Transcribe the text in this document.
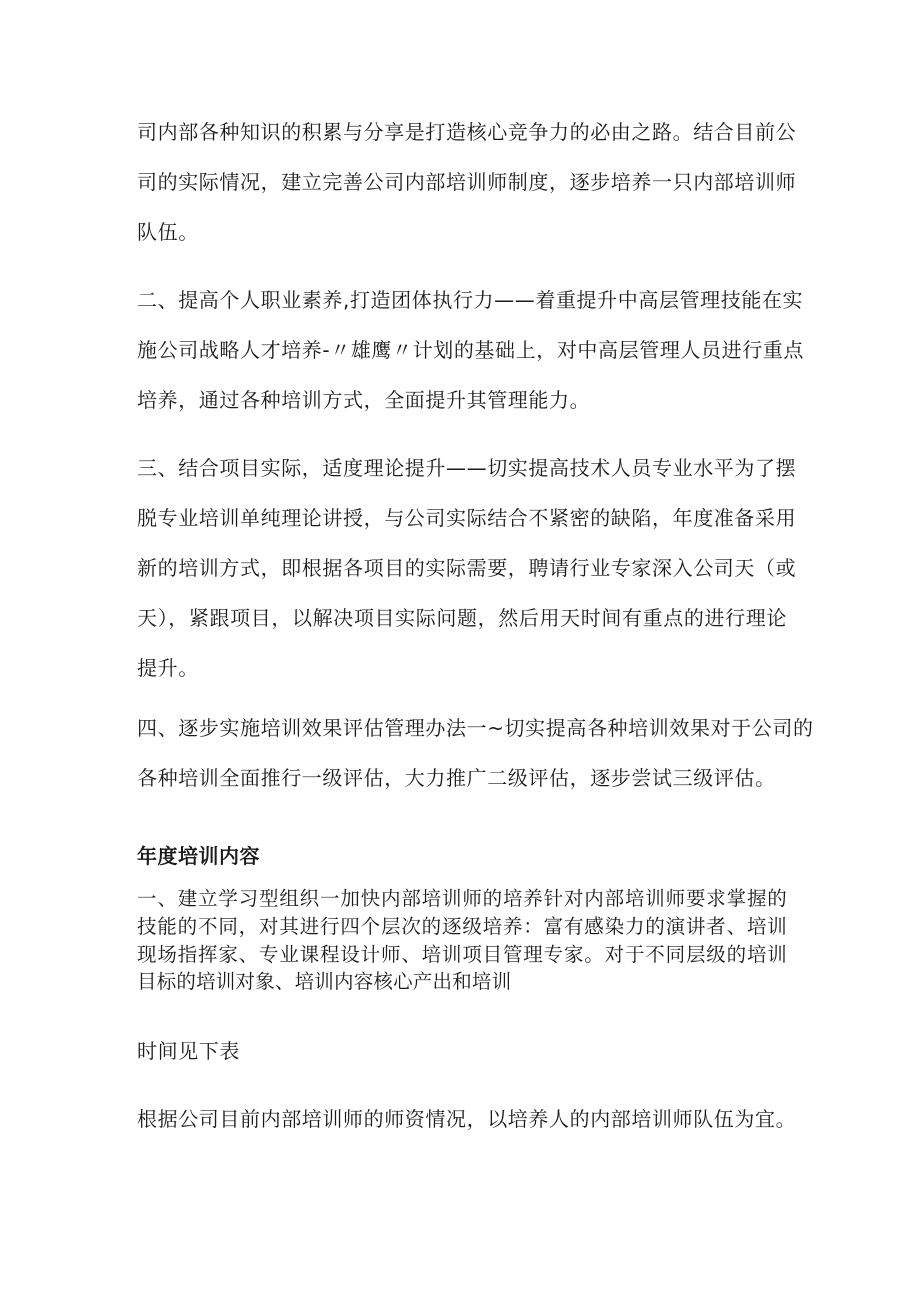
司内部各种知识的积累与分享是打造核心竞争力的必由之路。结合目前公
司的实际情况，建立完善公司内部培训师制度，逐步培养一只内部培训师
队伍。
二、提高个人职业素养,打造团体执行力——着重提升中高层管理技能在实
施公司战略人才培养-〃雄鹰〃计划的基础上，对中高层管理人员进行重点
培养，通过各种培训方式，全面提升其管理能力。
三、结合项目实际，适度理论提升——切实提高技术人员专业水平为了摆
脱专业培训单纯理论讲授，与公司实际结合不紧密的缺陷，年度准备采用
新的培训方式，即根据各项目的实际需要，聘请行业专家深入公司天（或
天），紧跟项目，以解决项目实际问题，然后用天时间有重点的进行理论
提升。
四、逐步实施培训效果评估管理办法一~切实提高各种培训效果对于公司的
各种培训全面推行一级评估，大力推广二级评估，逐步尝试三级评估。
年度培训内容
一、建立学习型组织一加快内部培训师的培养针对内部培训师要求掌握的
技能的不同，对其进行四个层次的逐级培养：富有感染力的演讲者、培训
现场指挥家、专业课程设计师、培训项目管理专家。对于不同层级的培训
目标的培训对象、培训内容核心产出和培训
时间见下表
根据公司目前内部培训师的师资情况，以培养人的内部培训师队伍为宜。
